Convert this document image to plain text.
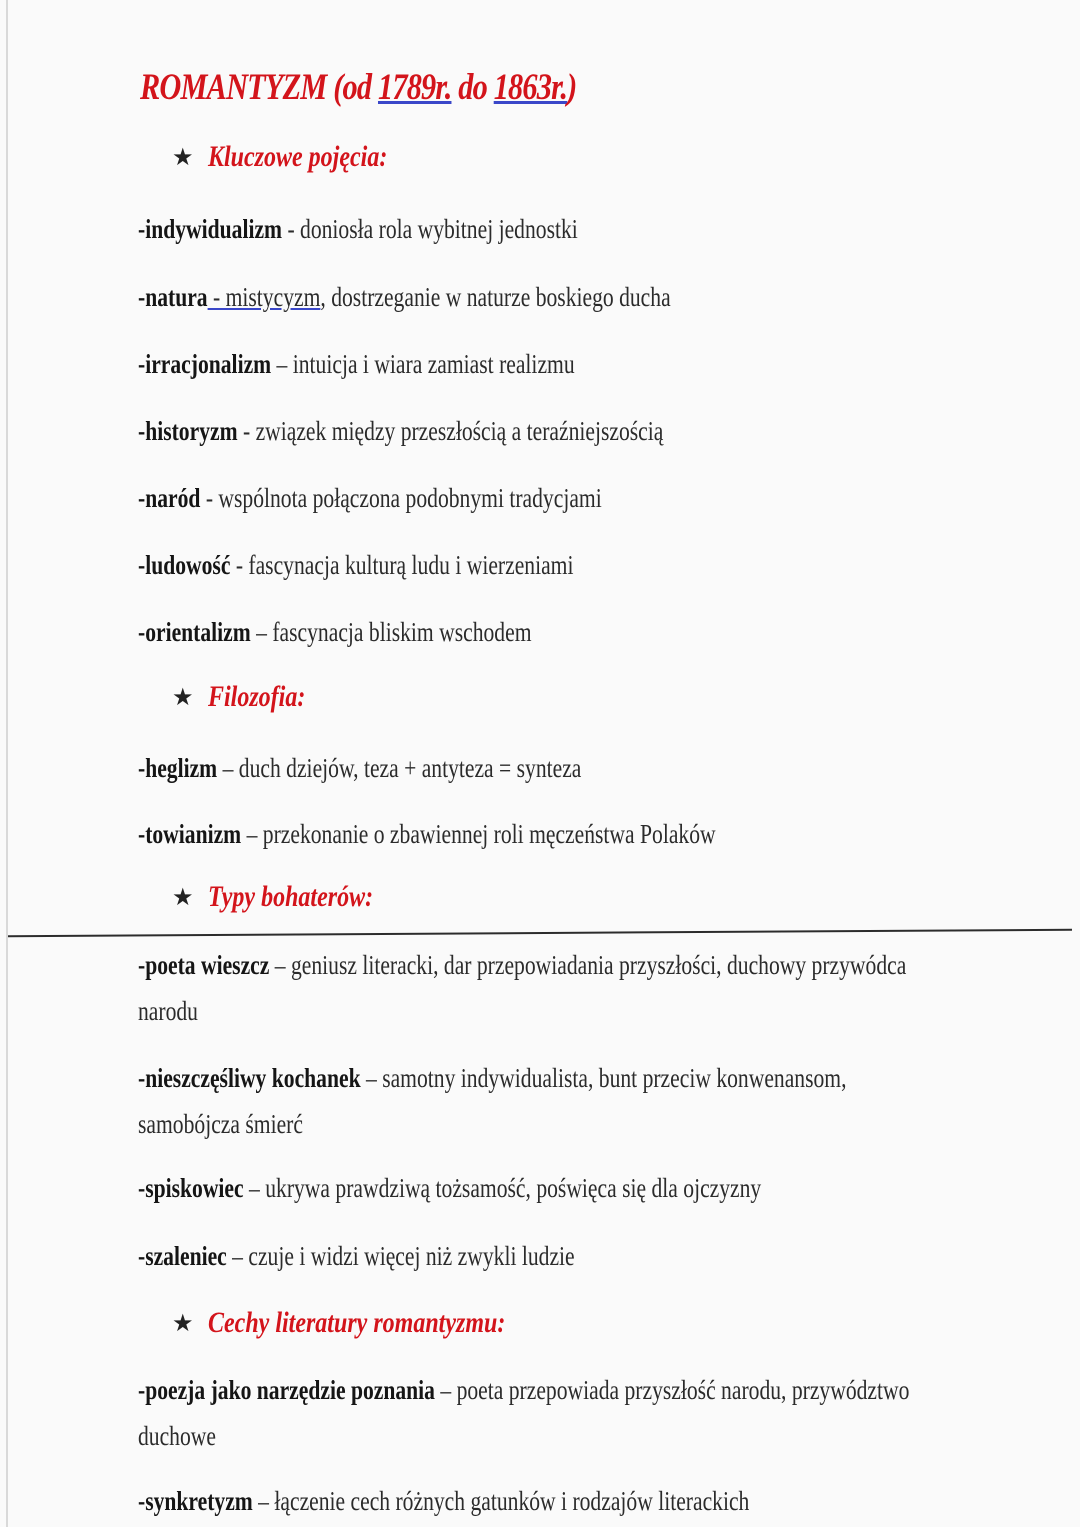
ROMANTYZM (od 1789r. do 1863r.)
★ Kluczowe pojęcia:
-indywidualizm - doniosła rola wybitnej jednostki
-natura - mistycyzm, dostrzeganie w naturze boskiego ducha
-irracjonalizm – intuicja i wiara zamiast realizmu
-historyzm - związek między przeszłością a teraźniejszością
-naród - wspólnota połączona podobnymi tradycjami
-ludowość - fascynacja kulturą ludu i wierzeniami
-orientalizm – fascynacja bliskim wschodem
★ Filozofia:
-heglizm – duch dziejów, teza + antyteza = synteza
-towianizm – przekonanie o zbawiennej roli męczeństwa Polaków
★ Typy bohaterów:
-poeta wieszcz – geniusz literacki, dar przepowiadania przyszłości, duchowy przywódca
narodu
-nieszczęśliwy kochanek – samotny indywidualista, bunt przeciw konwenansom,
samobójcza śmierć
-spiskowiec – ukrywa prawdziwą tożsamość, poświęca się dla ojczyzny
-szaleniec – czuje i widzi więcej niż zwykli ludzie
★ Cechy literatury romantyzmu:
-poezja jako narzędzie poznania – poeta przepowiada przyszłość narodu, przywództwo
duchowe
-synkretyzm – łączenie cech różnych gatunków i rodzajów literackich
